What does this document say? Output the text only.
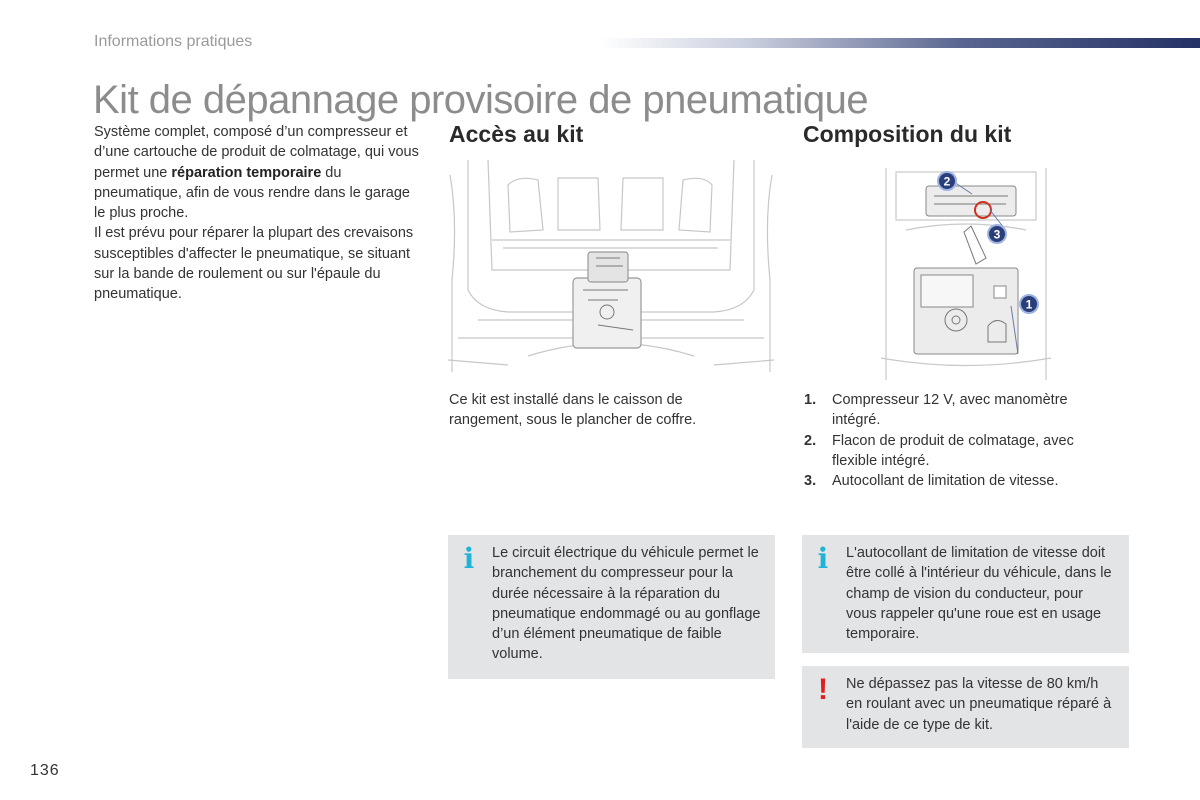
Informations pratiques
Kit de dépannage provisoire de pneumatique

Système complet, composé d’un compresseur et d’une cartouche de produit de colmatage, qui vous permet une réparation temporaire du pneumatique, afin de vous rendre dans le garage le plus proche.

Il est prévu pour réparer la plupart des crevaisons susceptibles d'affecter le pneumatique, se situant sur la bande de roulement ou sur l'épaule du pneumatique.

Accès au kit

Ce kit est installé dans le caisson de rangement, sous le plancher de coffre.

i Le circuit électrique du véhicule permet le branchement du compresseur pour la durée nécessaire à la réparation du pneumatique endommagé ou au gonflage d’un élément pneumatique de faible volume.
Composition du kit
2
3
1
1.	Compresseur 12 V, avec manomètre intégré.
2.	Flacon de produit de colmatage, avec flexible intégré.
3.	Autocollant de limitation de vitesse.
i L'autocollant de limitation de vitesse doit être collé à l'intérieur du véhicule, dans le champ de vision du conducteur, pour vous rappeler qu'une roue est en usage temporaire.
! Ne dépassez pas la vitesse de 80 km/h en roulant avec un pneumatique réparé à l'aide de ce type de kit.
136
